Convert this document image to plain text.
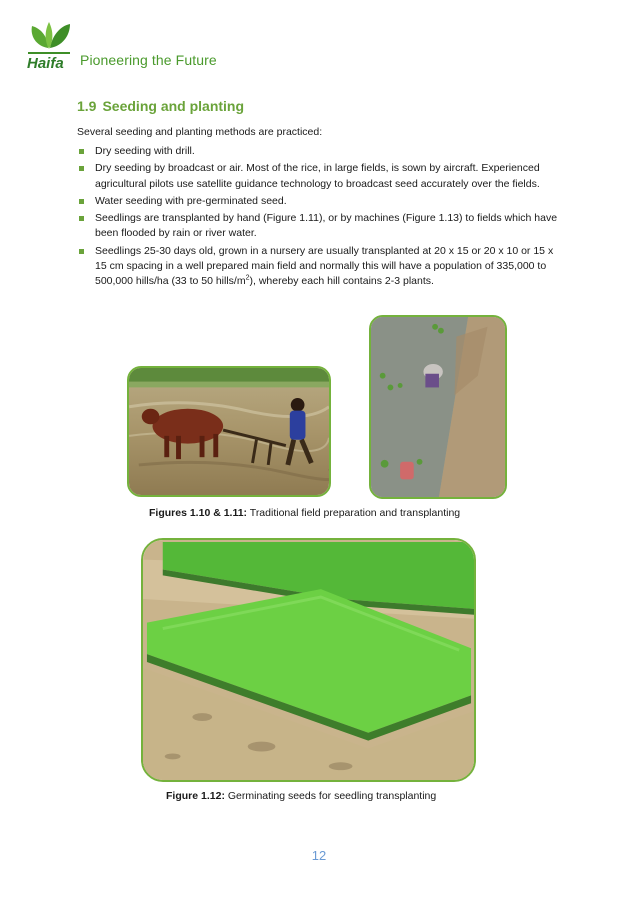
Haifa Pioneering the Future
1.9 Seeding and planting
Several seeding and planting methods are practiced:
Dry seeding with drill.
Dry seeding by broadcast or air. Most of the rice, in large fields, is sown by aircraft. Experienced agricultural pilots use satellite guidance technology to broadcast seed accurately over the fields.
Water seeding with pre-germinated seed.
Seedlings are transplanted by hand (Figure 1.11), or by machines (Figure 1.13) to fields which have been flooded by rain or river water.
Seedlings 25-30 days old, grown in a nursery are usually transplanted at 20 x 15 or 20 x 10 or 15 x 15 cm spacing in a well prepared main field and normally this will have a population of 335,000 to 500,000 hills/ha (33 to 50 hills/$m^2$), whereby each hill contains 2-3 plants.
Figures 1.10 & 1.11: Traditional field preparation and transplanting
Figure 1.12: Germinating seeds for seedling transplanting
12
